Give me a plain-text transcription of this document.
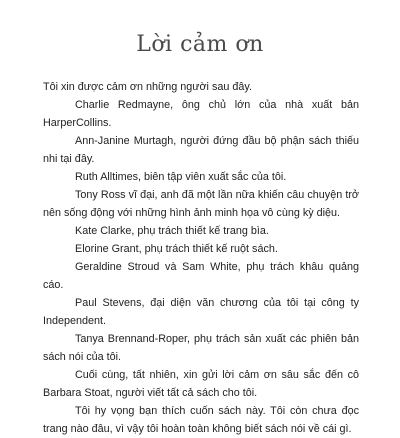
Lời cảm ơn

Tôi xin được cảm ơn những người sau đây.

Charlie Redmayne, ông chủ lớn của nhà xuất bản HarperCollins.

Ann-Janine Murtagh, người đứng đầu bộ phận sách thiếu nhi tại đây.

Ruth Alltimes, biên tập viên xuất sắc của tôi.

Tony Ross vĩ đại, anh đã một lần nữa khiến câu chuyện trở nên sống động với những hình ảnh minh họa vô cùng kỳ diệu.

Kate Clarke, phụ trách thiết kế trang bìa.

Elorine Grant, phụ trách thiết kế ruột sách.

Geraldine Stroud và Sam White, phụ trách khâu quảng cáo.

Paul Stevens, đại diện văn chương của tôi tại công ty Independent.

Tanya Brennand-Roper, phụ trách sản xuất các phiên bản sách nói của tôi.

Cuối cùng, tất nhiên, xin gửi lời cảm ơn sâu sắc đến cô Barbara Stoat, người viết tất cả sách cho tôi.

Tôi hy vọng bạn thích cuốn sách này. Tôi còn chưa đọc trang nào đâu, vì vậy tôi hoàn toàn không biết sách nói về cái gì.
